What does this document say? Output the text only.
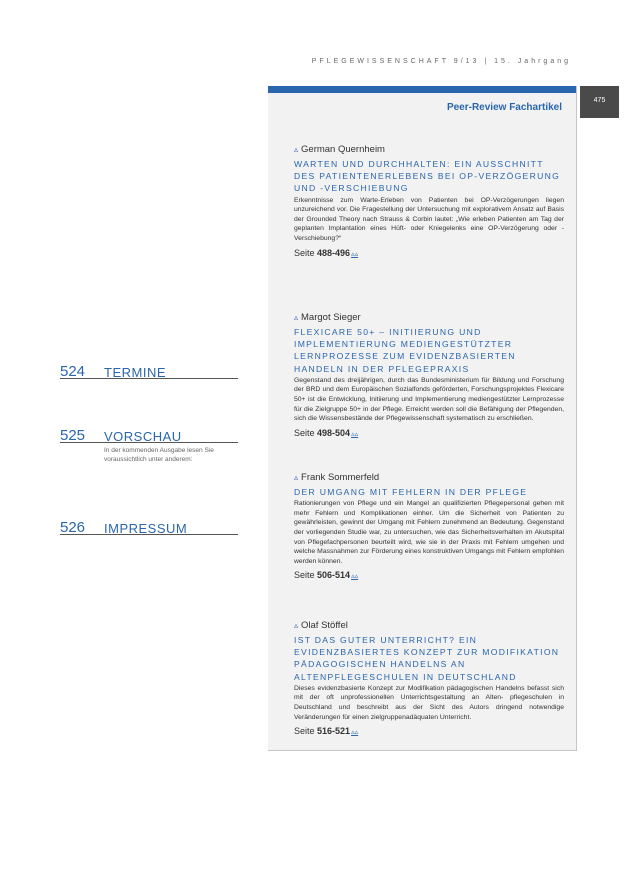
PFLEGEWISSENSCHAFT 9/13 | 15. Jahrgang
475
Peer-Review Fachartikel
▵ German Quernheim
WARTEN UND DURCHHALTEN: EIN AUSSCHNITT DES PATIENTENERLEBENS BEI OP-VERZÖGERUNG UND -VERSCHIEBUNG
Erkenntnisse zum Warte-Erleben von Patienten bei OP-Verzögerungen liegen unzureichend vor. Die Fragestellung der Untersuchung mit explorativem Ansatz auf Basis der Grounded Theory nach Strauss & Corbin lautet: „Wie erleben Patienten am Tag der geplanten Implantation eines Hüft- oder Kniegelenks eine OP-Verzögerung oder -Verschiebung?“
Seite 488-496▵▵
▵ Margot Sieger
FLEXICARE 50+ – INITIIERUNG UND IMPLEMENTIERUNG MEDIENGESTÜTZTER LERNPROZESSE ZUM EVIDENZBASIERTEN HANDELN IN DER PFLEGEPRAXIS
Gegenstand des dreijährigen, durch das Bundesministerium für Bildung und Forschung der BRD und dem Europäischen Sozialfonds geförderten, Forschungsprojektes Flexicare 50+ ist die Entwicklung, Initiierung und Implementierung mediengestützter Lernprozesse für die Zielgruppe 50+ in der Pflege. Erreicht werden soll die Befähigung der Pflegenden, sich die Wissensbestände der Pflegewissenschaft systematisch zu erschließen.
Seite 498-504▵▵
▵ Frank Sommerfeld
DER UMGANG MIT FEHLERN IN DER PFLEGE
Rationierungen von Pflege und ein Mangel an qualifizierten Pflegepersonal gehen mit mehr Fehlern und Komplikationen einher. Um die Sicherheit von Patienten zu gewährleisten, gewinnt der Umgang mit Fehlern zunehmend an Bedeutung. Gegenstand der vorliegenden Studie war, zu untersuchen, wie das Sicherheitsverhalten im Akutspital von Pflegefachpersonen beurteilt wird, wie sie in der Praxis mit Fehlern umgehen und welche Massnahmen zur Förderung eines konstruktiven Umgangs mit Fehlern empfohlen werden können.
Seite 506-514▵▵
▵ Olaf Stöffel
IST DAS GUTER UNTERRICHT? EIN EVIDENZBASIERTES KONZEPT ZUR MODIFIKATION PÄDAGOGISCHEN HANDELNS AN ALTENPFLEGESCHULEN IN DEUTSCHLAND
Dieses evidenzbasierte Konzept zur Modifikation pädagogischen Handelns befasst sich mit der oft unprofessionellen Unterrichtsgestaltung an Alten- pflegeschulen in Deutschland und beschreibt aus der Sicht des Autors dringend notwendige Veränderungen für einen zielgruppenadäquaten Unterricht.
Seite 516-521▵▵
524 TERMINE
525 VORSCHAU
In der kommenden Ausgabe lesen Sie voraussichtlich unter anderem:
526 IMPRESSUM
